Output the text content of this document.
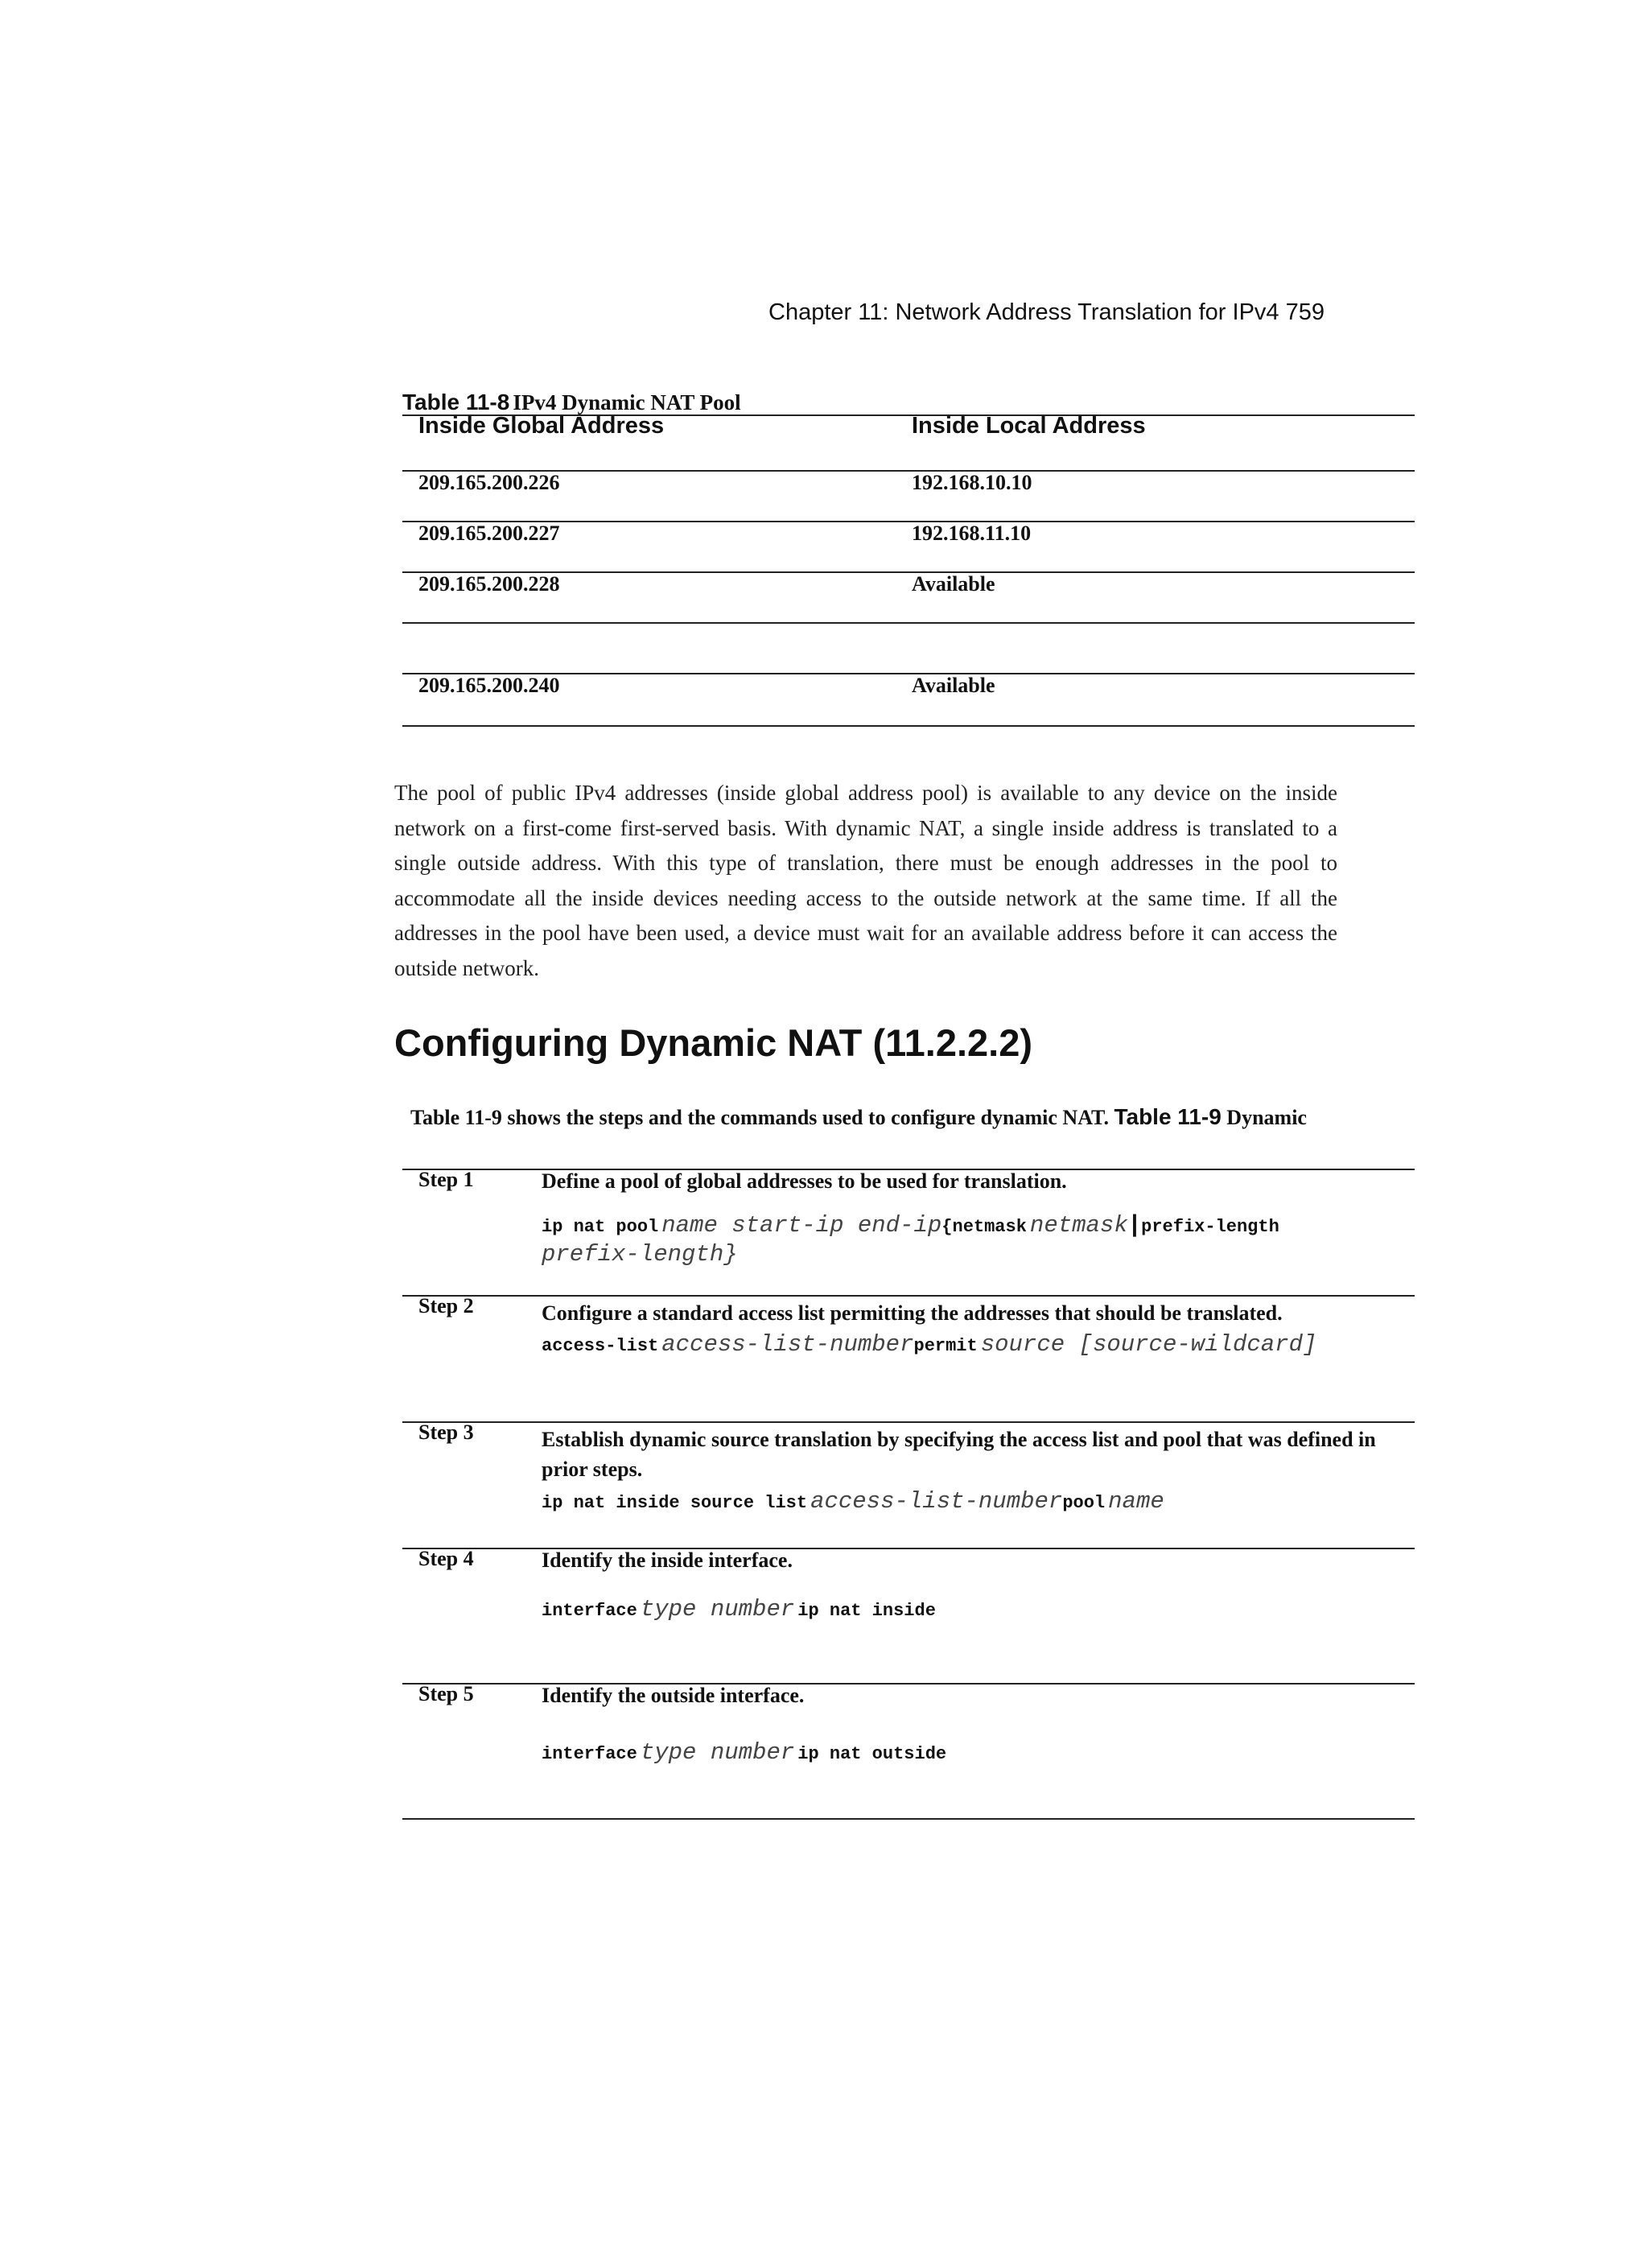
Chapter 11: Network Address Translation for IPv4 759
Table 11-8 IPv4 Dynamic NAT Pool
Inside Global Address	Inside Local Address
209.165.200.226	192.168.10.10
209.165.200.227	192.168.11.10
209.165.200.228	Available
209.165.200.240	Available
The pool of public IPv4 addresses (inside global address pool) is available to any device on the inside network on a first-come first-served basis. With dynamic NAT, a single inside address is translated to a single outside address. With this type of translation, there must be enough addresses in the pool to accommodate all the inside devices needing access to the outside network at the same time. If all the addresses in the pool have been used, a device must wait for an available address before it can access the outside network.
Configuring Dynamic NAT (11.2.2.2)
Table 11-9 shows the steps and the commands used to configure dynamic NAT. Table 11-9 Dynamic
Step 1	Define a pool of global addresses to be used for translation.
ip nat pool name start-ip end-ip{netmask netmask | prefix-length
prefix-length}
Step 2	Configure a standard access list permitting the addresses that should be translated.
access-list access-list-numberpermit source [source-wildcard]
Step 3	Establish dynamic source translation by specifying the access list and pool that was defined in prior steps.
ip nat inside source list access-list-numberpool name
Step 4	Identify the inside interface.
interface type number ip nat inside
Step 5	Identify the outside interface.
interface type number ip nat outside
